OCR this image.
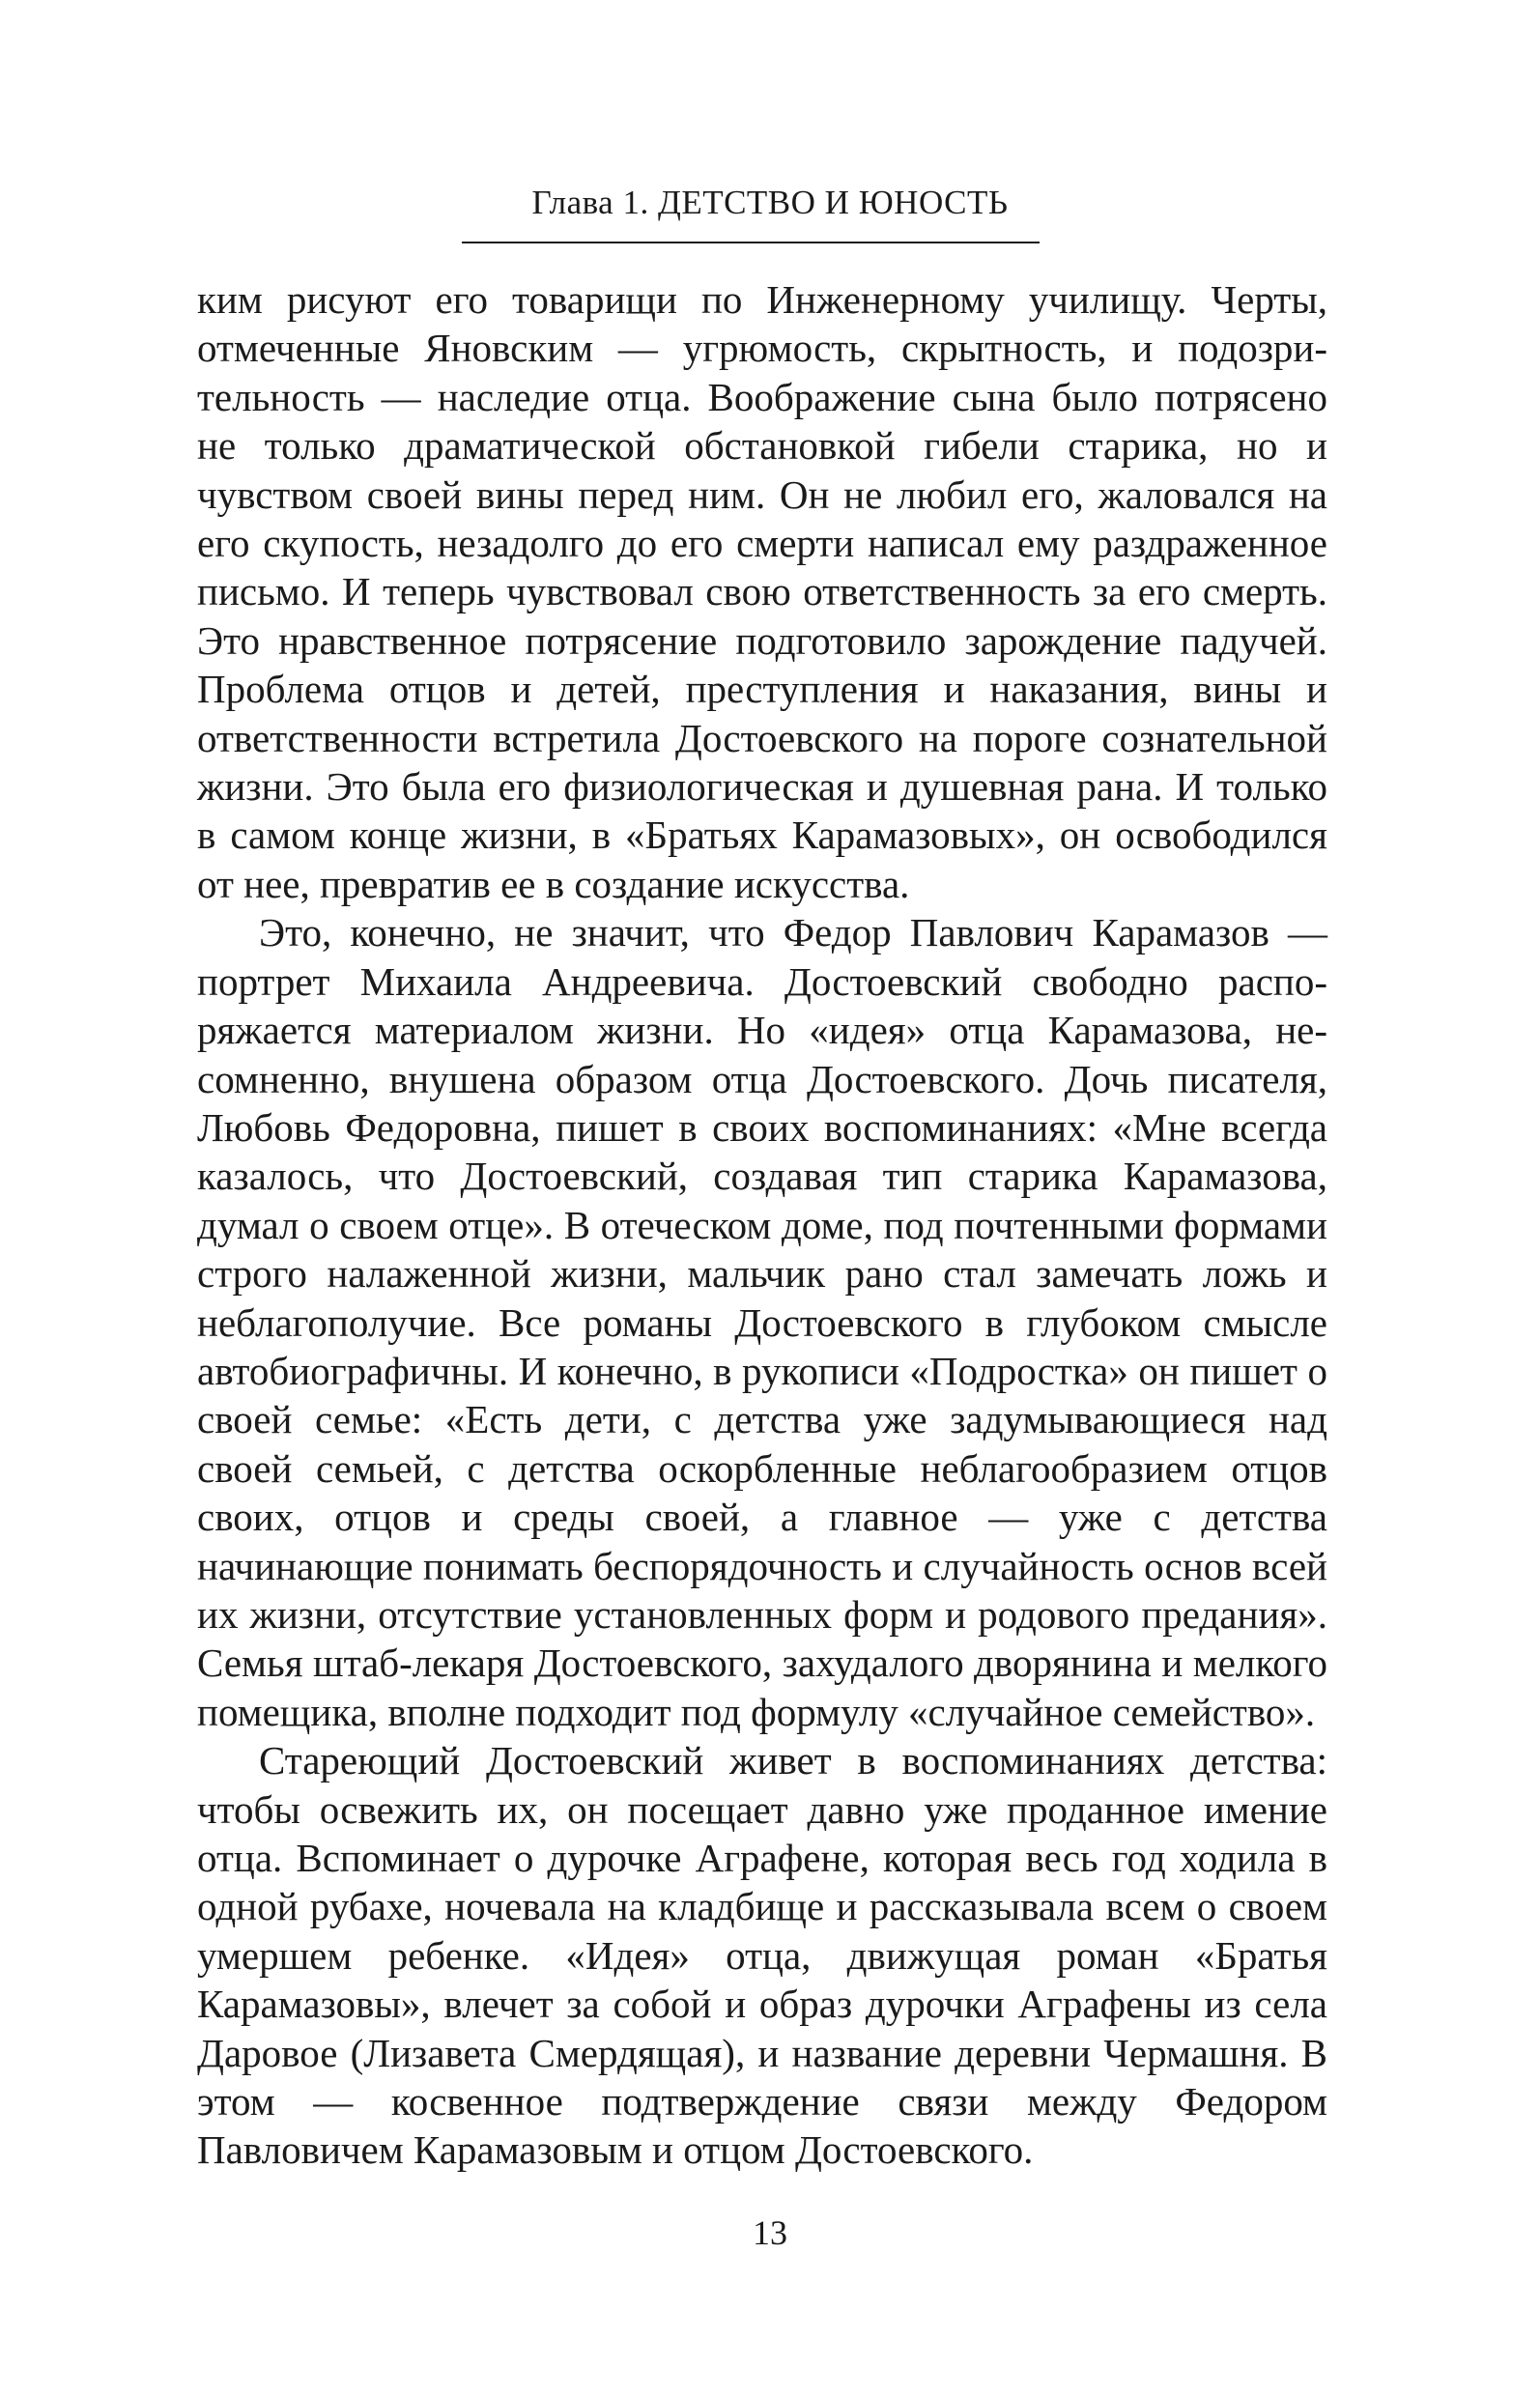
Глава 1. ДЕТСТВО И ЮНОСТЬ

ким рисуют его товарищи по Инженерному училищу. Черты, отмеченные Яновским — угрюмость, скрытность, и подозрительность — наследие отца. Воображение сына было потрясено не только драматической обстановкой гибели старика, но и чувством своей вины перед ним. Он не любил его, жаловался на его скупость, незадолго до его смерти написал ему раздраженное письмо. И теперь чувствовал свою ответственность за его смерть. Это нравственное потрясение подготовило зарождение падучей. Проблема отцов и детей, преступления и наказания, вины и ответственности встретила Достоевского на пороге сознательной жизни. Это была его физиологическая и душевная рана. И только в самом конце жизни, в «Братьях Карамазовых», он освободился от нее, превратив ее в создание искусства.

Это, конечно, не значит, что Федор Павлович Карамазов — портрет Михаила Андреевича. Достоевский свободно распоряжается материалом жизни. Но «идея» отца Карамазова, несомненно, внушена образом отца Достоевского. Дочь писателя, Любовь Федоровна, пишет в своих воспоминаниях: «Мне всегда казалось, что Достоевский, создавая тип старика Карамазова, думал о своем отце». В отеческом доме, под почтенными формами строго налаженной жизни, мальчик рано стал замечать ложь и неблагополучие. Все романы Достоевского в глубоком смысле автобиографичны. И конечно, в рукописи «Подростка» он пишет о своей семье: «Есть дети, с детства уже задумывающиеся над своей семьей, с детства оскорбленные неблагообразием отцов своих, отцов и среды своей, а главное — уже с детства начинающие понимать беспорядочность и случайность основ всей их жизни, отсутствие установленных форм и родового предания». Семья штаб-лекаря Достоевского, захудалого дворянина и мелкого помещика, вполне подходит под формулу «случайное семейство».

Стареющий Достоевский живет в воспоминаниях детства: чтобы освежить их, он посещает давно уже проданное имение отца. Вспоминает о дурочке Аграфене, которая весь год ходила в одной рубахе, ночевала на кладбище и рассказывала всем о своем умершем ребенке. «Идея» отца, движущая роман «Братья Карамазовы», влечет за собой и образ дурочки Аграфены из села Даровое (Лизавета Смердящая), и название деревни Чермашня. В этом — косвенное подтверждение связи между Федором Павловичем Карамазовым и отцом Достоевского.

13
